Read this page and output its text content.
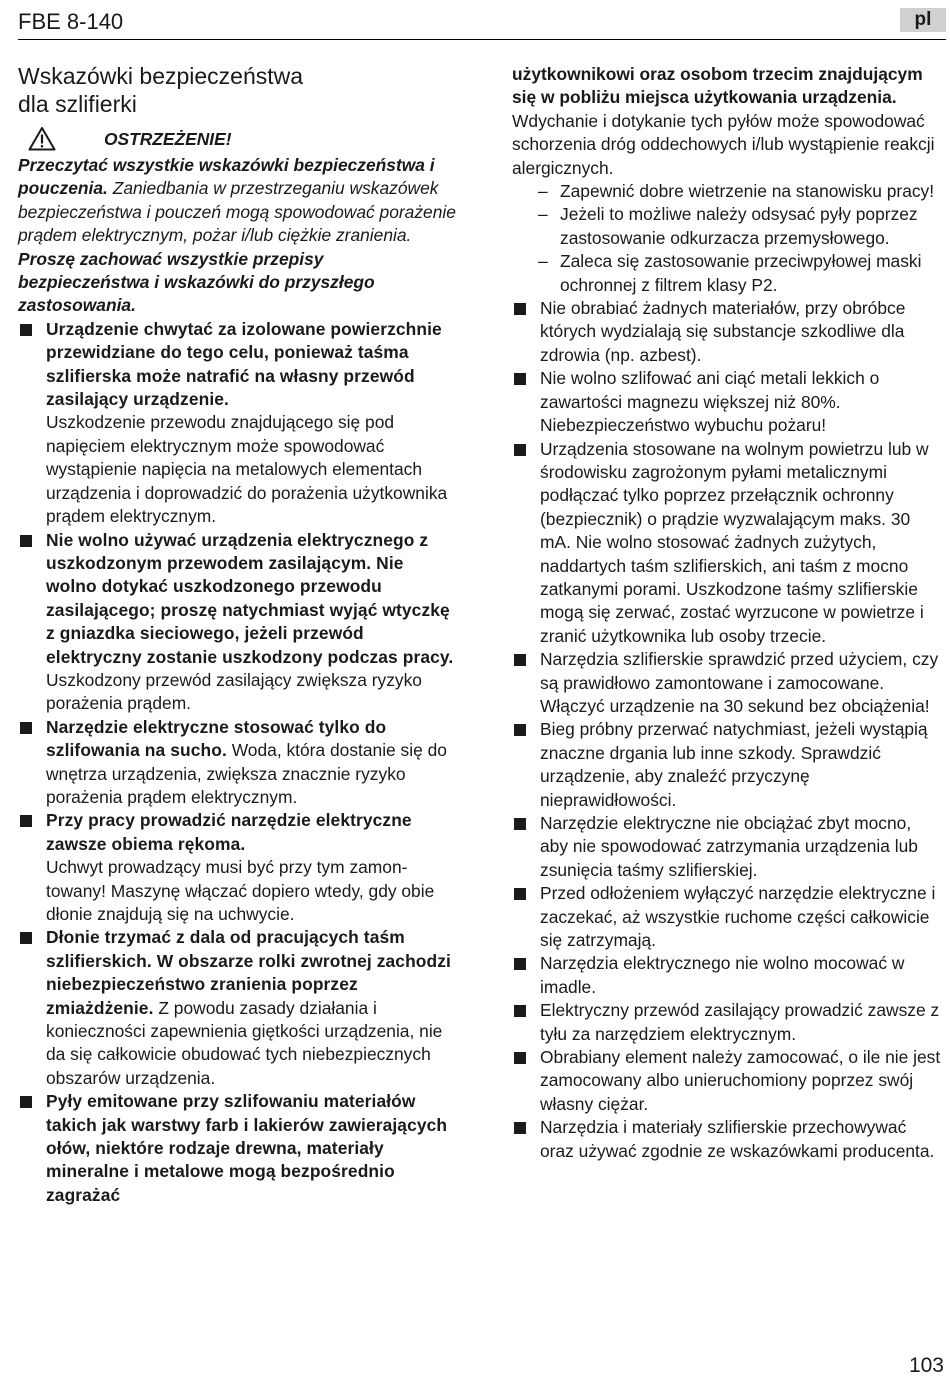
FBE 8-140	pl
Wskazówki bezpieczeństwa
dla szlifierki
OSTRZEŻENIE!

Przeczytać wszystkie wskazówki bezpieczeństwa i pouczenia. Zaniedbania w przestrzeganiu wskazówek bezpieczeństwa i pouczeń mogą spowodować porażenie prądem elektrycznym, pożar i/lub ciężkie zranienia. Proszę zachować wszystkie przepisy bezpieczeństwa i wskazówki do przyszłego zastosowania.

Urządzenie chwytać za izolowane powierzchnie przewidziane do tego celu, ponieważ taśma szlifierska może natrafić na własny przewód zasilający urządzenie.
Uszkodzenie przewodu znajdującego się pod napięciem elektrycznym może spowodować wystąpienie napięcia na metalowych elementach urządzenia i doprowadzić do porażenia użytkownika prądem elektrycznym.
Nie wolno używać urządzenia elektrycznego z uszkodzonym przewodem zasilającym. Nie wolno dotykać uszkodzonego przewodu zasilającego; proszę natychmiast wyjąć wtyczkę z gniazdka sieciowego, jeżeli przewód elektryczny zostanie uszkodzony podczas pracy.
Uszkodzony przewód zasilający zwiększa ryzyko porażenia prądem.
Narzędzie elektryczne stosować tylko do szlifowania na sucho. Woda, która dostanie się do wnętrza urządzenia, zwiększa znacznie ryzyko porażenia prądem elektrycznym.
Przy pracy prowadzić narzędzie elektryczne zawsze obiema rękoma.
Uchwyt prowadzący musi być przy tym zamontowany! Maszynę włączać dopiero wtedy, gdy obie dłonie znajdują się na uchwycie.
Dłonie trzymać z dala od pracujących taśm szlifierskich. W obszarze rolki zwrotnej zachodzi niebezpieczeństwo zranienia poprzez zmiażdżenie. Z powodu zasady działania i konieczności zapewnienia giętkości urządzenia, nie da się całkowicie obudować tych niebezpiecznych obszarów urządzenia.
Pyły emitowane przy szlifowaniu materiałów takich jak warstwy farb i lakierów zawierających ołów, niektóre rodzaje drewna, materiały mineralne i metalowe mogą bezpośrednio zagrażać

użytkownikowi oraz osobom trzecim znajdującym się w pobliżu miejsca użytkowania urządzenia.
Wdychanie i dotykanie tych pyłów może spowodować schorzenia dróg oddechowych i/lub wystąpienie reakcji alergicznych.

– Zapewnić dobre wietrzenie na stanowisku pracy!
– Jeżeli to możliwe należy odsysać pyły poprzez zastosowanie odkurzacza przemysłowego.
– Zaleca się zastosowanie przeciwpyłowej maski ochronnej z filtrem klasy P2.
Nie obrabiać żadnych materiałów, przy obróbce których wydzialają się substancje szkodliwe dla zdrowia (np. azbest).
Nie wolno szlifować ani ciąć metali lekkich o zawartości magnezu większej niż 80%. Niebezpieczeństwo wybuchu pożaru!
Urządzenia stosowane na wolnym powietrzu lub w środowisku zagrożonym pyłami metalicznymi podłączać tylko poprzez przełącznik ochronny (bezpiecznik) o prądzie wyzwalającym maks. 30 mA. Nie wolno stosować żadnych zużytych, naddartych taśm szlifierskich, ani taśm z mocno zatkanymi porami. Uszkodzone taśmy szlifierskie mogą się zerwać, zostać wyrzucone w powietrze i zranić użytkownika lub osoby trzecie.
Narzędzia szlifierskie sprawdzić przed użyciem, czy są prawidłowo zamontowane i zamocowane. Włączyć urządzenie na 30 sekund bez obciążenia!
Bieg próbny przerwać natychmiast, jeżeli wystąpią znaczne drgania lub inne szkody. Sprawdzić urządzenie, aby znaleźć przyczynę nieprawidłowości.
Narzędzie elektryczne nie obciążać zbyt mocno, aby nie spowodować zatrzymania urządzenia lub zsunięcia taśmy szlifierskiej.
Przed odłożeniem wyłączyć narzędzie elektryczne i zaczekać, aż wszystkie ruchome części całkowicie się zatrzymają.
Narzędzia elektrycznego nie wolno mocować w imadle.
Elektryczny przewód zasilający prowadzić zawsze z tyłu za narzędziem elektrycznym.
Obrabiany element należy zamocować, o ile nie jest zamocowany albo unieruchomiony poprzez swój własny ciężar.
Narzędzia i materiały szlifierskie przechowywać oraz używać zgodnie ze wskazówkami producenta.
103
